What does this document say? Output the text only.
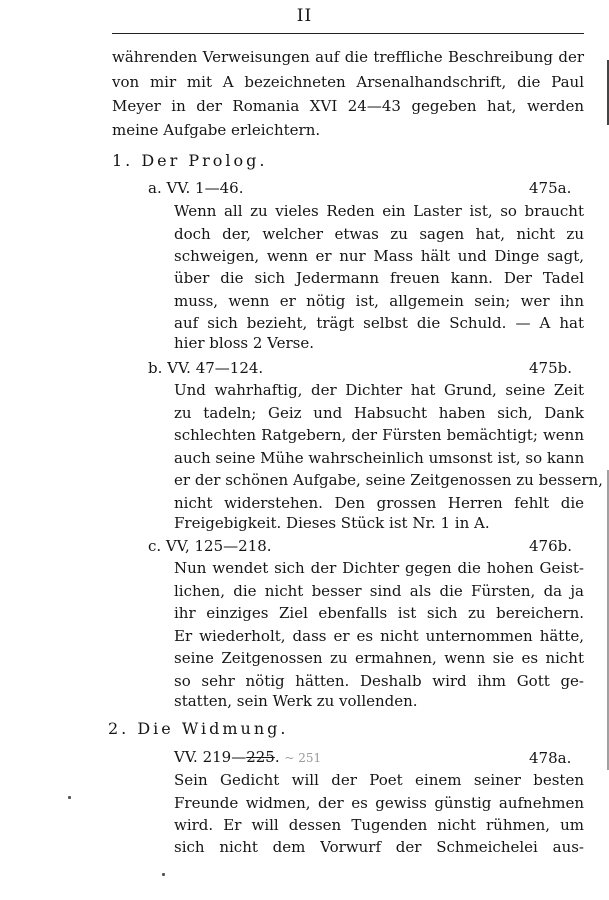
II
währenden Verweisungen auf die treffliche Beschreibung der
von mir mit A bezeichneten Arsenalhandschrift, die Paul
Meyer in der Romania XVI 24—43 gegeben hat, werden
meine Aufgabe erleichtern.
1. Der Prolog.
a. VV. 1—46.	475a.
Wenn all zu vieles Reden ein Laster ist, so braucht
doch der, welcher etwas zu sagen hat, nicht zu
schweigen, wenn er nur Mass hält und Dinge sagt,
über die sich Jedermann freuen kann. Der Tadel
muss, wenn er nötig ist, allgemein sein; wer ihn
auf sich bezieht, trägt selbst die Schuld. — A hat
hier bloss 2 Verse.
b. VV. 47—124.	475b.
Und wahrhaftig, der Dichter hat Grund, seine Zeit
zu tadeln; Geiz und Habsucht haben sich, Dank
schlechten Ratgebern, der Fürsten bemächtigt; wenn
auch seine Mühe wahrscheinlich umsonst ist, so kann
er der schönen Aufgabe, seine Zeitgenossen zu bessern,
nicht widerstehen. Den grossen Herren fehlt die
Freigebigkeit. Dieses Stück ist Nr. 1 in A.
c. VV, 125—218.	476b.
Nun wendet sich der Dichter gegen die hohen Geist-
lichen, die nicht besser sind als die Fürsten, da ja
ihr einziges Ziel ebenfalls ist sich zu bereichern.
Er wiederholt, dass er es nicht unternommen hätte,
seine Zeitgenossen zu ermahnen, wenn sie es nicht
so sehr nötig hätten. Deshalb wird ihm Gott ge-
statten, sein Werk zu vollenden.
2. Die Widmung.
VV. 219—225. ~ 251	478a.
Sein Gedicht will der Poet einem seiner besten
Freunde widmen, der es gewiss günstig aufnehmen
wird. Er will dessen Tugenden nicht rühmen, um
sich nicht dem Vorwurf der Schmeichelei aus-
